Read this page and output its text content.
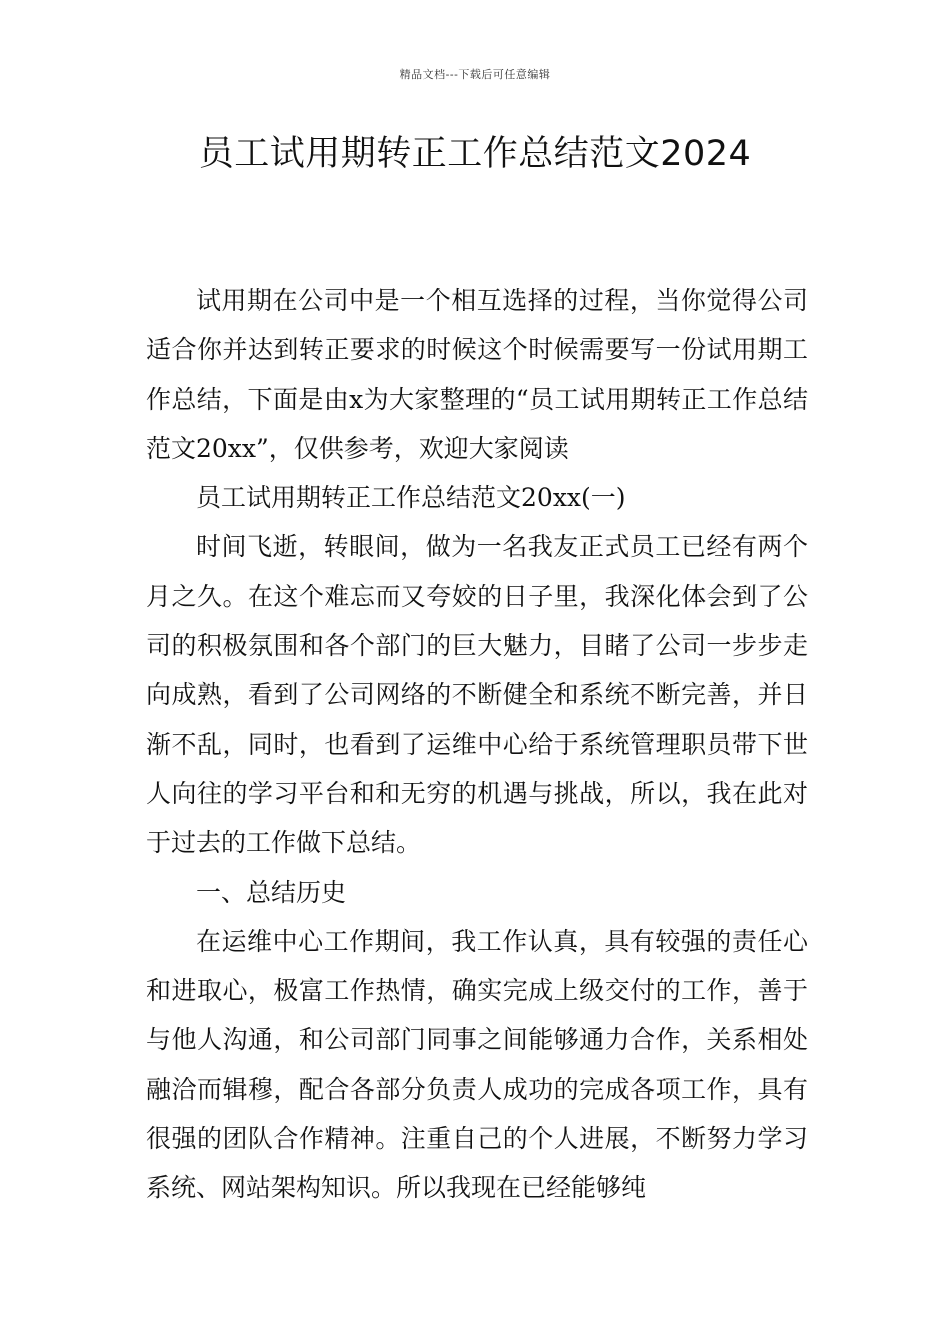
精品文档---下载后可任意编辑
员工试用期转正工作总结范文2024

试用期在公司中是一个相互选择的过程，当你觉得公司适合你并达到转正要求的时候这个时候需要写一份试用期工作总结，下面是由x为大家整理的“员工试用期转正工作总结范文20xx”，仅供参考，欢迎大家阅读

员工试用期转正工作总结范文20xx(一)

时间飞逝，转眼间，做为一名我友正式员工已经有两个月之久。在这个难忘而又夸姣的日子里，我深化体会到了公司的积极氛围和各个部门的巨大魅力，目睹了公司一步步走向成熟，看到了公司网络的不断健全和系统不断完善，并日渐不乱，同时，也看到了运维中心给于系统管理职员带下世人向往的学习平台和和无穷的机遇与挑战，所以，我在此对于过去的工作做下总结。

一、总结历史

在运维中心工作期间，我工作认真，具有较强的责任心和进取心，极富工作热情，确实完成上级交付的工作，善于与他人沟通，和公司部门同事之间能够通力合作，关系相处融洽而辑穆，配合各部分负责人成功的完成各项工作，具有很强的团队合作精神。注重自己的个人进展，不断努力学习系统、网站架构知识。所以我现在已经能够纯
